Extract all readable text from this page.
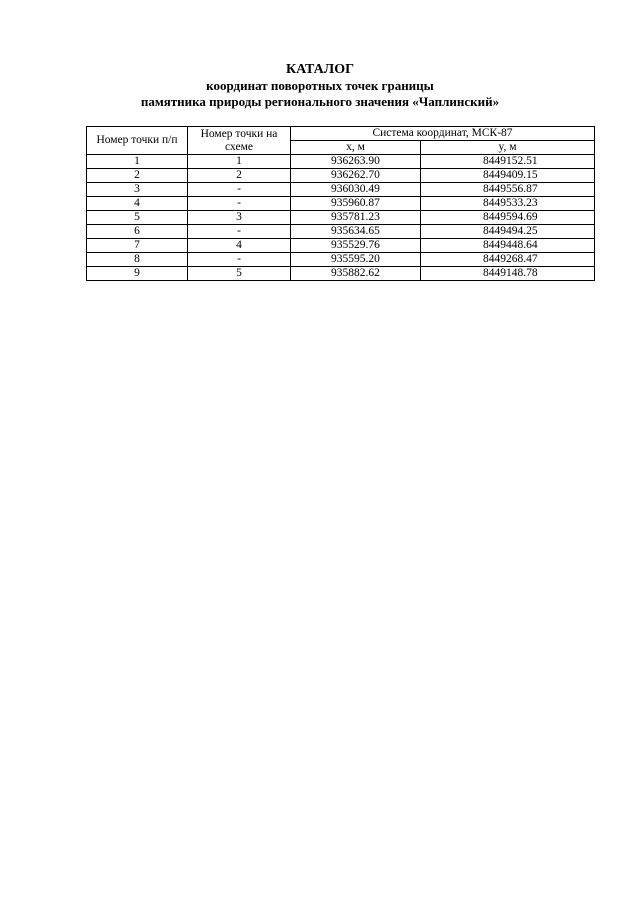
КАТАЛОГ
координат поворотных точек границы
памятника природы регионального значения «Чаплинский»
Номер точки п/п	Номер точки на схеме	Система координат, МСК-87	
		x, м	y, м
1	1	936263.90	8449152.51
2	2	936262.70	8449409.15
3	-	936030.49	8449556.87
4	-	935960.87	8449533.23
5	3	935781.23	8449594.69
6	-	935634.65	8449494.25
7	4	935529.76	8449448.64
8	-	935595.20	8449268.47
9	5	935882.62	8449148.78
